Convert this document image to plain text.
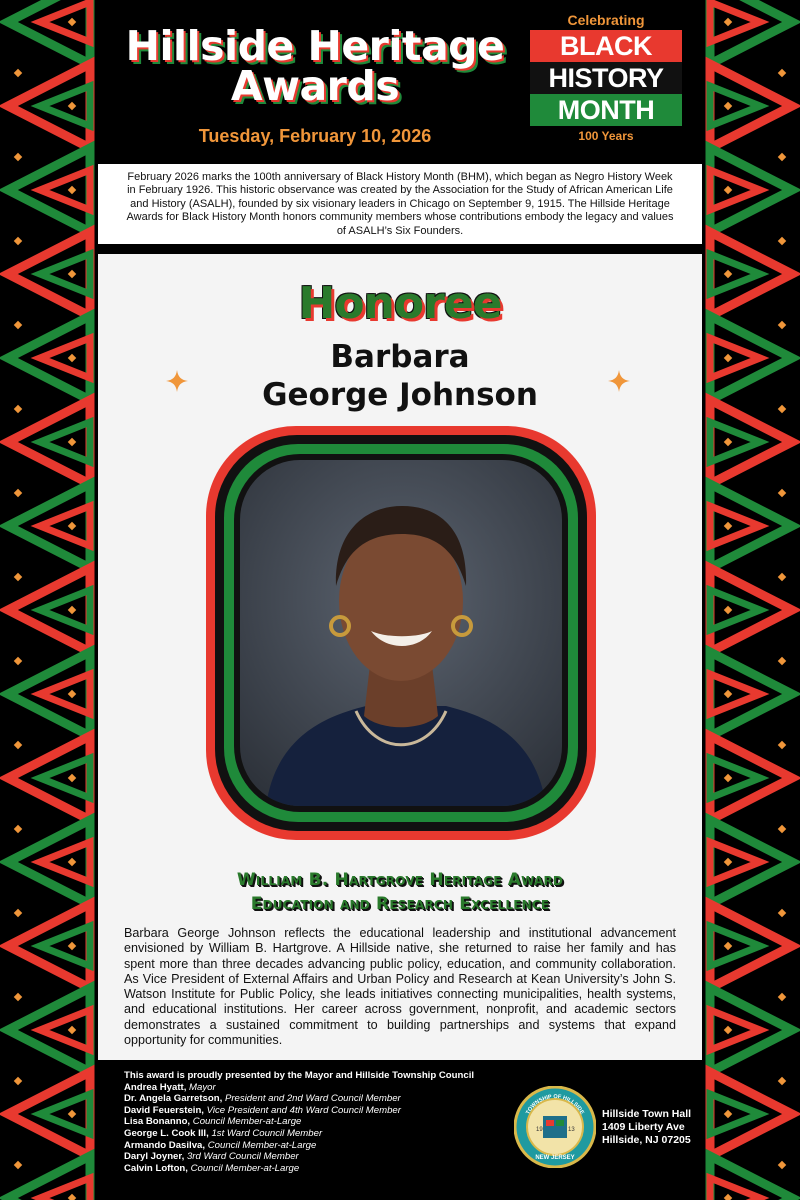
Hillside Heritage
Awards
Tuesday, February 10, 2026
Celebrating
BLACK
HISTORY
MONTH
100 Years
February 2026 marks the 100th anniversary of Black History Month (BHM), which began as Negro History Week in February 1926. This historic observance was created by the Association for the Study of African American Life and History (ASALH), founded by six visionary leaders in Chicago on September 9, 1915. The Hillside Heritage Awards for Black History Month honors community members whose contributions embody the legacy and values of ASALH’s Six Founders.
Honoree
Barbara
George Johnson
William B. Hartgrove Heritage Award
Education and Research Excellence
Barbara George Johnson reflects the educational leadership and institutional advancement envisioned by William B. Hartgrove. A Hillside native, she returned to raise her family and has spent more than three decades advancing public policy, education, and community collaboration. As Vice President of External Affairs and Urban Policy and Research at Kean University’s John S. Watson Institute for Public Policy, she leads initiatives connecting municipalities, health systems, and educational institutions. Her career across government, nonprofit, and academic sectors demonstrates a sustained commitment to building partnerships and systems that expand opportunity for communities.
This award is proudly presented by the Mayor and Hillside Township Council
Andrea Hyatt, Mayor
Dr. Angela Garretson, President and 2nd Ward Council Member
David Feuerstein, Vice President and 4th Ward Council Member
Lisa Bonanno, Council Member-at-Large
George L. Cook III, 1st Ward Council Member
Armando Dasilva, Council Member-at-Large
Daryl Joyner, 3rd Ward Council Member
Calvin Lofton, Council Member-at-Large
19	13
TOWNSHIP OF HILLSIDE
NEW JERSEY
Hillside Town Hall
1409 Liberty Ave
Hillside, NJ 07205
